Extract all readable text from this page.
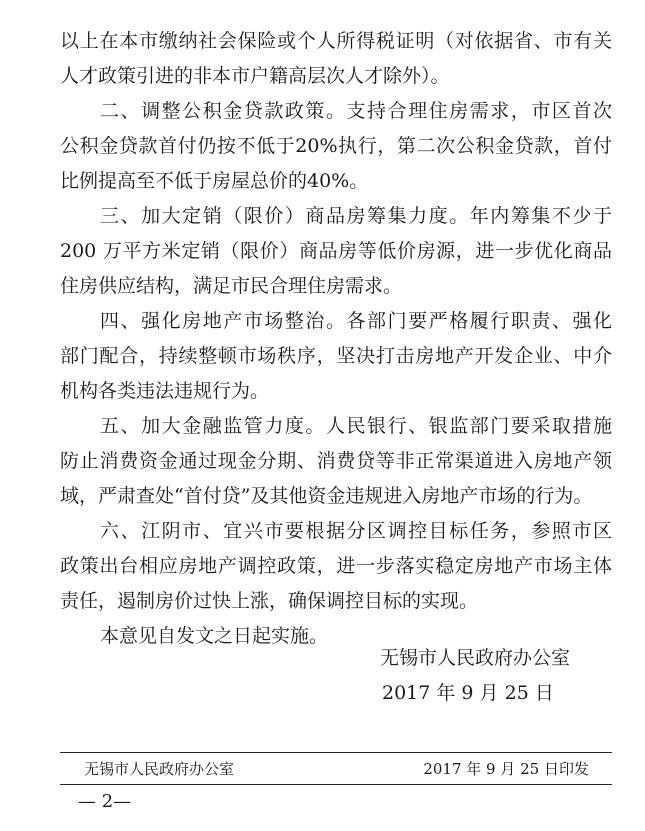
以上在本市缴纳社会保险或个人所得税证明（对依据省、市有关
人才政策引进的非本市户籍高层次人才除外）。
二、调整公积金贷款政策。支持合理住房需求，市区首次
公积金贷款首付仍按不低于20%执行，第二次公积金贷款，首付
比例提高至不低于房屋总价的40%。
三、加大定销（限价）商品房筹集力度。年内筹集不少于
200 万平方米定销（限价）商品房等低价房源，进一步优化商品
住房供应结构，满足市民合理住房需求。
四、强化房地产市场整治。各部门要严格履行职责、强化
部门配合，持续整顿市场秩序，坚决打击房地产开发企业、中介
机构各类违法违规行为。
五、加大金融监管力度。人民银行、银监部门要采取措施
防止消费资金通过现金分期、消费贷等非正常渠道进入房地产领
域，严肃查处“首付贷”及其他资金违规进入房地产市场的行为。
六、江阴市、宜兴市要根据分区调控目标任务，参照市区
政策出台相应房地产调控政策，进一步落实稳定房地产市场主体
责任，遏制房价过快上涨，确保调控目标的实现。
本意见自发文之日起实施。
无锡市人民政府办公室
2017 年 9 月 25 日
无锡市人民政府办公室	2017 年 9 月 25 日印发
— 2—
